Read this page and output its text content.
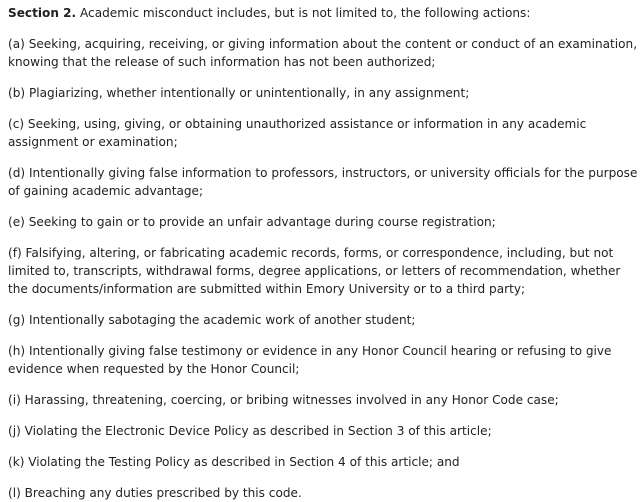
Section 2. Academic misconduct includes, but is not limited to, the following actions:

(a) Seeking, acquiring, receiving, or giving information about the content or conduct of an examination, knowing that the release of such information has not been authorized;

(b) Plagiarizing, whether intentionally or unintentionally, in any assignment;

(c) Seeking, using, giving, or obtaining unauthorized assistance or information in any academic assignment or examination;

(d) Intentionally giving false information to professors, instructors, or university officials for the purpose of gaining academic advantage;

(e) Seeking to gain or to provide an unfair advantage during course registration;

(f) Falsifying, altering, or fabricating academic records, forms, or correspondence, including, but not limited to, transcripts, withdrawal forms, degree applications, or letters of recommendation, whether the documents/information are submitted within Emory University or to a third party;

(g) Intentionally sabotaging the academic work of another student;

(h) Intentionally giving false testimony or evidence in any Honor Council hearing or refusing to give evidence when requested by the Honor Council;

(i) Harassing, threatening, coercing, or bribing witnesses involved in any Honor Code case;

(j) Violating the Electronic Device Policy as described in Section 3 of this article;

(k) Violating the Testing Policy as described in Section 4 of this article; and

(l) Breaching any duties prescribed by this code.
